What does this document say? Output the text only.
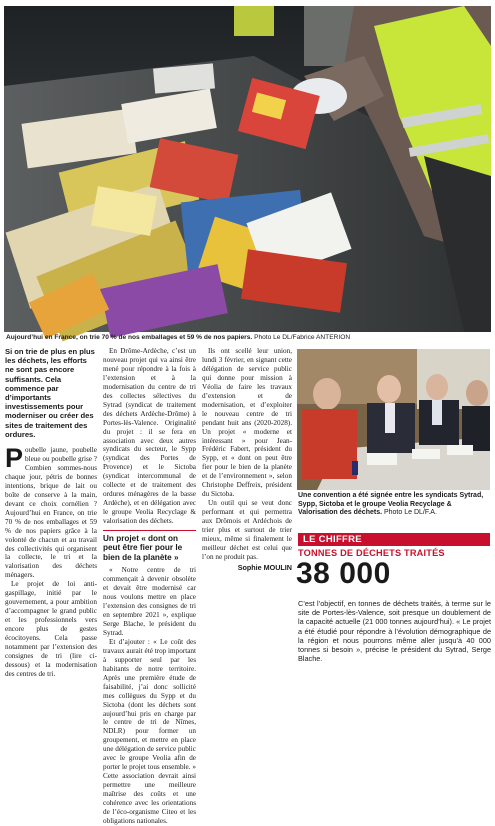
Aujourd’hui en France, on trie 70 % de nos emballages et 59 % de nos papiers. Photo Le DL/Fabrice ANTERION
Si on trie de plus en plus les déchets, les efforts ne sont pas encore suffisants. Cela commence par d’importants investissements pour moderniser ou créer des sites de traitement des ordures.

Poubelle jaune, poubelle bleue ou poubelle grise ? Combien sommes-nous chaque jour, pétris de bonnes intentions, brique de lait ou boîte de conserve à la main, devant ce choix cornélien ? Aujourd’hui en France, on trie 70 % de nos emballages et 59 % de nos papiers grâce à la volonté de chacun et au travail des collectivités qui organisent la collecte, le tri et la valorisation des déchets ménagers.

Le projet de loi anti-gaspillage, initié par le gouvernement, a pour ambition d’accompagner le grand public et les professionnels vers encore plus de gestes écocitoyens. Cela passe notamment par l’extension des consignes de tri (lire ci-dessous) et la modernisation des centres de tri.

En Drôme-Ardèche, c’est un nouveau projet qui va ainsi être mené pour répondre à la fois à l’extension et à la modernisation du centre de tri des collectes sélectives du Sytrad (syndicat de traitement des déchets Ardèche-Drôme) à Portes-lès-Valence. Originalité du projet : il se fera en association avec deux autres syndicats du secteur, le Sypp (syndicat des Portes de Provence) et le Sictoba (syndicat intercommunal de collecte et de traitement des ordures ménagères de la basse Ardèche), et en délégation avec le groupe Veolia Recyclage & valorisation des déchets.

Un projet « dont on peut être fier pour le bien de la planète »

« Notre centre de tri commençait à devenir obsolète et devait être modernisé car nous voulons mettre en place l’extension des consignes de tri en septembre 2021 », explique Serge Blache, le président du Sytrad.

Et d’ajouter : « Le coût des travaux aurait été trop important à supporter seul par les habitants de notre territoire. Après une première étude de faisabilité, j’ai donc sollicité mes collègues du Sypp et du Sictoba (dont les déchets sont aujourd’hui pris en charge par le centre de tri de Nîmes, NDLR) pour former un groupement, et mettre en place une délégation de service public avec le groupe Veolia afin de porter le projet tous ensemble. » Cette association devrait ainsi permettre une meilleure maîtrise des coûts et une cohérence avec les orientations de l’éco-organisme Citeo et les obligations nationales.

Ils ont scellé leur union, lundi 3 février, en signant cette délégation de service public qui donne pour mission à Véolia de faire les travaux d’extension et de modernisation, et d’exploiter le nouveau centre de tri pendant huit ans (2020-2028). Un projet « moderne et intéressant » pour Jean-Frédéric Fabert, président du Sypp, et « dont on peut être fier pour le bien de la planète et de l’environnement », selon Christophe Deffreix, président du Sictoba.

Un outil qui se veut donc performant et qui permettra aux Drômois et Ardéchois de trier plus et surtout de trier mieux, même si finalement le meilleur déchet est celui que l’on ne produit pas.

Sophie MOULIN
Une convention a été signée entre les syndicats Sytrad, Sypp, Sictoba et le groupe Veolia Recyclage & Valorisation des déchets. Photo Le DL/F.A.
LE CHIFFRE
TONNES DE DÉCHETS TRAITÉS
38 000
C’est l’objectif, en tonnes de déchets traités, à terme sur le site de Portes-lès-Valence, soit presque un doublement de la capacité actuelle (21 000 tonnes aujourd’hui). « Le projet a été étudié pour répondre à l’évolution démographique de la région et nous pourrons même aller jusqu’à 40 000 tonnes si besoin », précise le président du Sytrad, Serge Blache.
